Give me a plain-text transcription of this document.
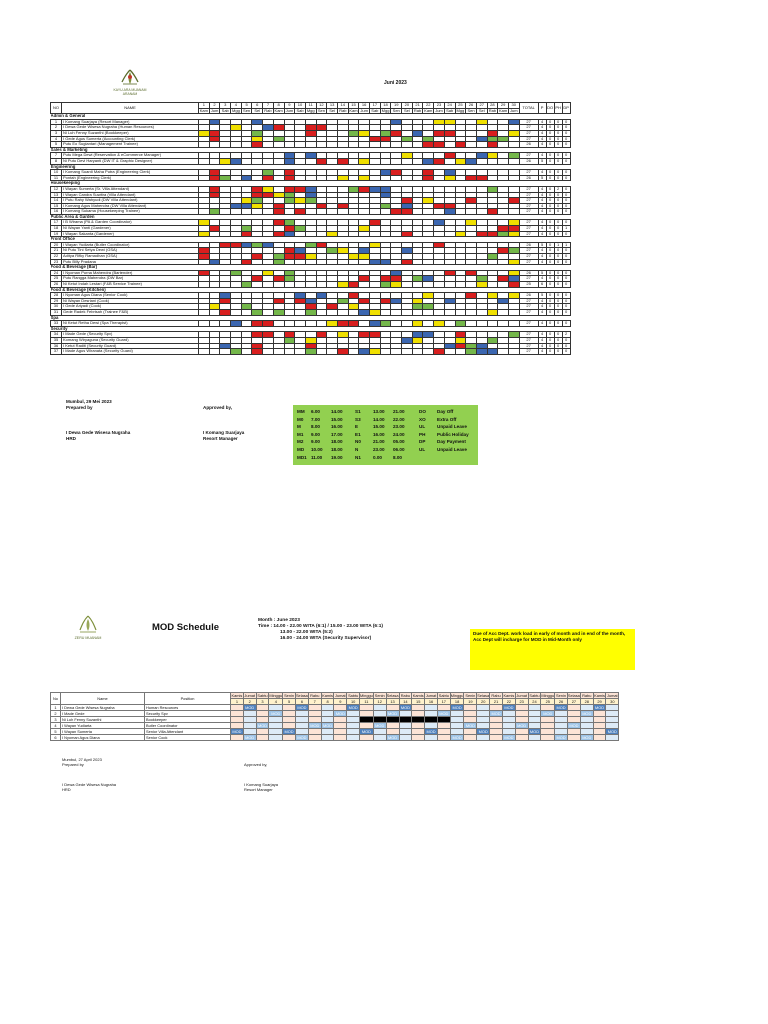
KAYU-ARA MUANAM ARANAM
Juni 2023
NO	NAME	1	2	3	4	5	6	7	8	9	10	11	12	13	14	15	16	17	18	19	20	21	22	23	24	25	26	27	28	29	30	TOTAL	P	DO	PH	DP
		Kam	Jum	Sab	Mgg	Sen	Sel	Rab	Kam	Jum	Sab	Mgg	Sen	Sel	Rab	Kam	Jum	Sab	Mgg	Sen	Sel	Rab	Kam	Jum	Sab	Mgg	Sen	Sel	Rab	Kam	Jum					
Admin & General																																				
1	I Komang Suarjaya (Resort Manager)																															27	4	0	0	0
2	I Dewa Gede Wisesa Nugraha (Human Resources)																															27	4	0	0	0
3	Ni Luh Fenny Suzanthi (Bookkeeper)																															27	4	0	0	0
4	I Gede Agus Sumerta (Accounting Clerk)																															27	4	0	0	0
5	Putu Eo Sugiantari (Management Trainee)																															26	4	0	0	0
Sales & Marketing																																				
7	Putu Mega Dewi (Reservation & eCommerce Manager)																															27	4	0	0	0
8	Ni Putu Devi Haryanti (DW IT & Graphic Designer)																															26	5	0	0	0
Engineering																																				
10	I Komang Suardi Maha Putra (Engineering Clerk)																															27	4	0	0	0
11	Pontah (Engineering Clerk)																															26	5	0	0	0
Housekeeping																																				
12	I Wayan Sumerta (Sr. Villa Attendant)																															27	4	0	2	0
13	I Wayan Candra Suwitra (Villa Attendant)																															27	4	0	0	0
14	I Putu Rahy Wahyudi (DW Villa Attendant)																															27	4	0	0	0
15	I Komang Agus Mahendra (DW Villa Attendant)																															27	4	0	0	0
16	I Komang Sukama (Housekeeping Trainee)																															27	4	0	0	0
Public Area & Garden																																				
17	I B Wirama (PA & Garden Coordinator)																															27	4	0	0	0
18	Ni Wayan Yanti (Gardener)																															27	4	0	0	1
19	I Wayan Sakanta (Gardener)																															27	4	0	0	0
Front Office																																				
20	I Wayan Yudiarta (Butler Coordinator)																															26	5	0	1	1
21	Ni Putu Tini Setya Dewi (GSA)																															27	4	0	0	0
22	Aditya Rifky Ramadhan (GSA)																															27	4	0	0	0
23	Putu Billy Pradana																															27	4	0	0	0
Food & Beverage (Bar)																																				
24	I Nyoman Purna Mahendra (Bartender)																															26	5	0	0	0
25	Putu Rangga Mahendra (DW Bar)																															27	4	0	0	0
26	Ni Ketut Indah Lestari (F&B Service Trainee)																															25	6	0	0	0
Food & Beverage (Kitchen)																																				
28	I Nyoman Agus Diana (Senior Cook)																															26	5	0	0	0
29	Ni Wayan Desriani (Cook)																															27	4	0	0	0
30	I Gede Ariyadi (Cook)																															27	4	0	0	0
31	Gede Radek Febrisah (Trainee F&B)																															27	4	0	0	0
Spa																																				
33	Ni Ketut Retha Dewi (Spa Therapist)																															27	4	0	0	0
Security																																				
34	I Made Gede (Security Spv)																															27	4	0	0	2
35	Komang Wiryaguna (Security Guard)																															27	4	0	0	0
36	I Ketut Raditi (Security Guard)																															27	4	0	0	0
37	I Made Agus Wiranata (Security Guard)																															27	4	0	0	0
Mumbul, 29 Mei 2023
Prepared by	Approved by,
I Dewa Gede Wisesa Nugraha
HRD
I Komang Suarjaya
Resort Manager
MM 6.00 14.00	S1	13.00 21.00	DO Day Off
M0 7.00 15.00	S3	14.00 22.00	XO Extra Off
M 8.00 16.00	E	15.00 23.00	UL	Unpaid Leave
M1 9.00 17.00	E1	16.00 24.00	PH	Public Holiday
M2 9.00 18.00	N0	21.00 05.00	DP	Day Payment
MD 10.00 18.00	N	23.00 06.00	UL	Unpaid Leave
MD1 11.00 19.00	N1	0.00 8.00
ZERU MUANAM
MOD Schedule
Month : June 2023
Time : 14.00 - 22.00 WITA (6:1) / 15.00 - 23.00 WITA (6:1)
13.00 - 22.00 WITA (5:2)
16.00 - 24.00 WITA (Security Supervisor)
Due of Acc Dept. work load in early of month and in end of the month, Acc Dept will incharge for MOD in Mid-Month only
No	Name	Position	Kamis	Jumat	Sabtu	Minggu	Senin	Selasa	Rabu	Kamis	Jumat	Sabtu	Minggu	Senin	Selasa	Rabu	Kamis	Jumat	Sabtu	Minggu	Senin	Selasa	Rabu	Kamis	Jumat	Sabtu	Minggu	Senin	Selasa	Rabu	Kamis	Jumat
			1	2	3	4	5	6	7	8	9	10	11	12	13	14	15	16	17	18	19	20	21	22	23	24	25	26	27	28	29	30
1	I Dewa Gede Wisesa Nugraha	Human Resources		MOD				MOD				MOD				MOD				MOD				MOD				MOD			MOD	
2	I Made Gede	Security Spv				MOD					MOD				MOD				MOD				MOD				MOD			MOD		
3	Ni Luh Fenny Suzanthi	Bookkeeper																														
4	I Wayan Yudiarta	Butler Coordinator			MOD				MOD	MOD				MOD							MOD				MOD				MOD			
5	I Wayan Sumerta	Senior Villa Attendant	MOD				MOD						MOD					MOD				MOD				MOD						MOD
6	I Nyoman Agus Diana	Senior Cook		MOD				MOD							MOD					MOD				MOD				MOD		MOD		
Mumbul, 27 April 2023
Prepared by	Approved by,
I Dewa Gede Wisesa Nugraha
HRD
I Komang Suarjaya
Resort Manager
